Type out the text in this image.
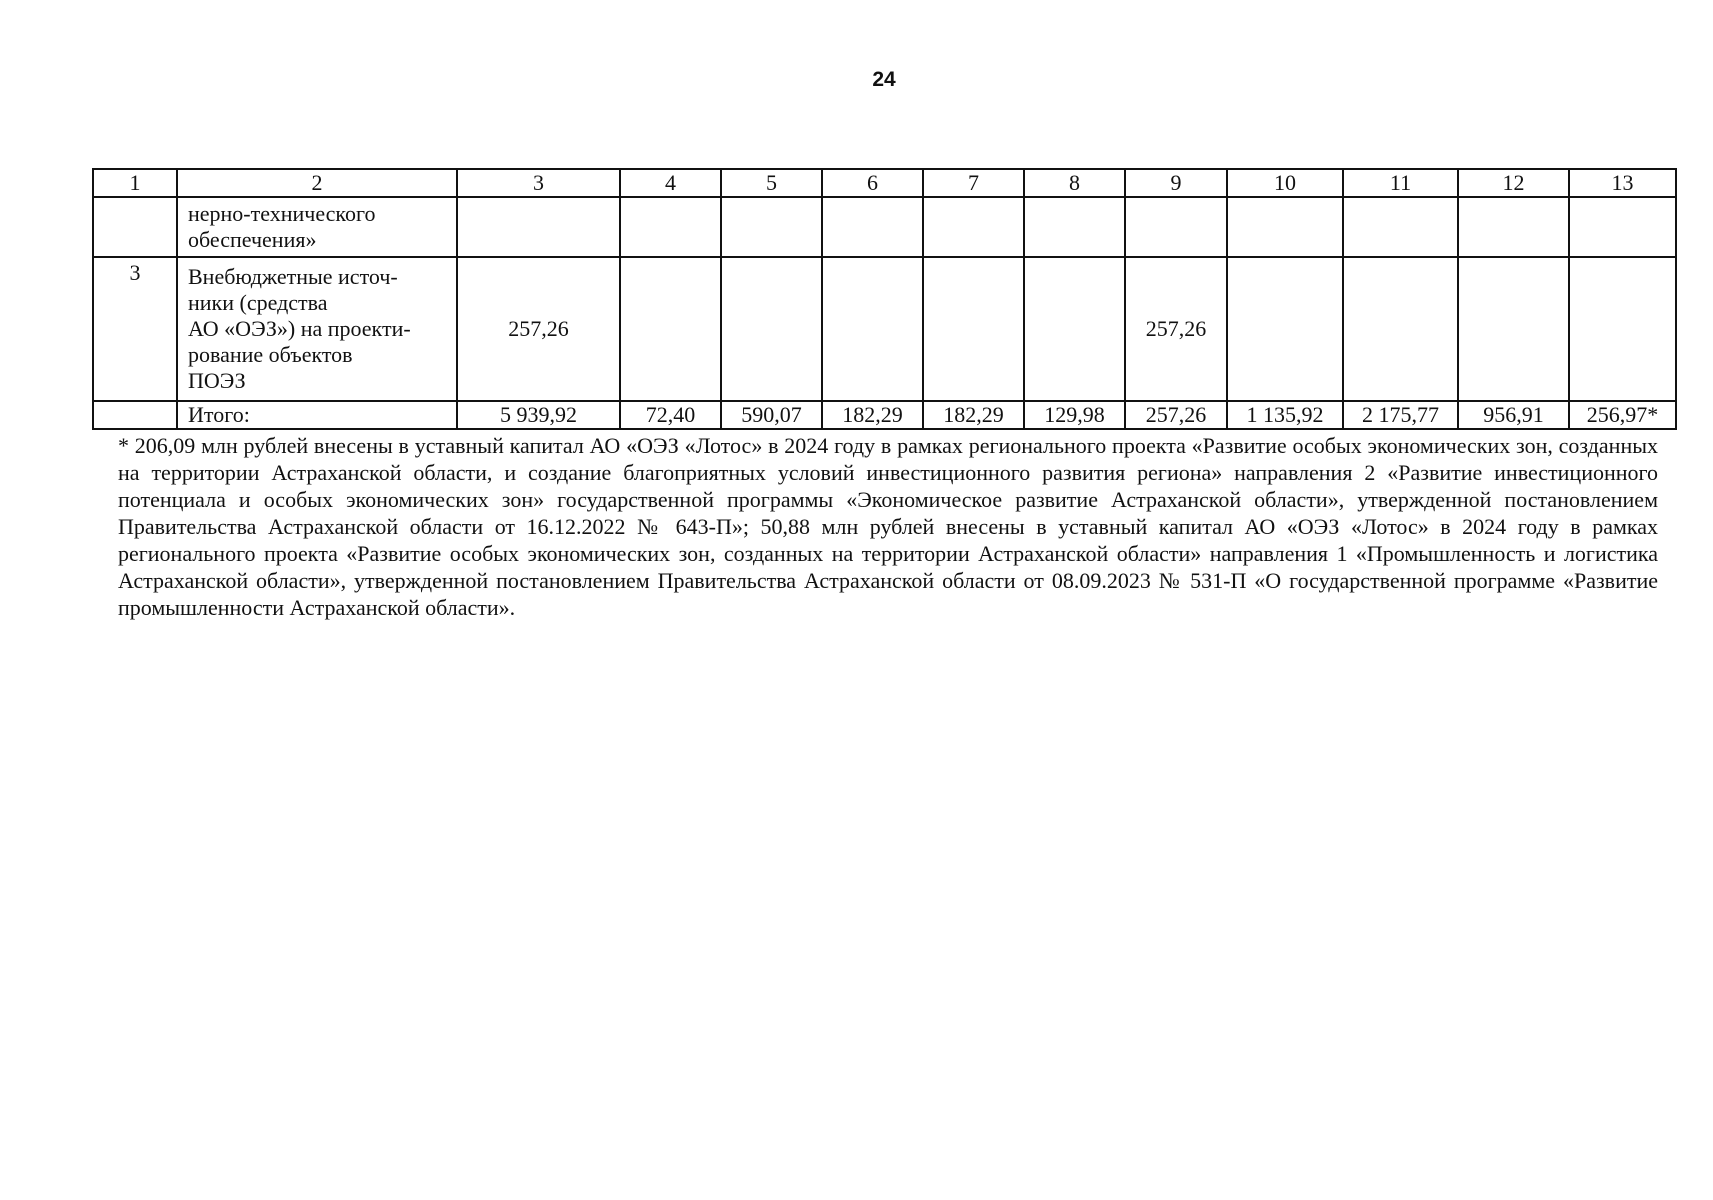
24
1	2	3	4	5	6	7	8	9	10	11	12	13

	нерно-технического
обеспечения»											

3	Внебюджетные источ-
ники (средства
АО «ОЭЗ») на проекти-
рование объектов
ПОЭЗ	257,26						257,26				
	Итого:	5 939,92	72,40	590,07	182,29	182,29	129,98	257,26	1 135,92	2 175,77	956,91	256,97*

* 206,09 млн рублей внесены в уставный капитал АО «ОЭЗ «Лотос» в 2024 году в рамках регионального проекта «Развитие особых экономических зон, созданных на территории Астраханской области, и создание благоприятных условий инвестиционного развития региона» направления 2 «Развитие инвестиционного потенциала и особых экономических зон» государственной программы «Экономическое развитие Астраханской области», утвержденной постановлением Правительства Астраханской области от 16.12.2022 № 643-П»; 50,88 млн рублей внесены в уставный капитал АО «ОЭЗ «Лотос» в 2024 году в рамках регионального проекта «Развитие особых экономических зон, созданных на территории Астраханской области» направления 1 «Промышленность и логистика Астраханской области», утвержденной постановлением Правительства Астраханской области от 08.09.2023 № 531-П «О государственной программе «Развитие промышленности Астраханской области».
